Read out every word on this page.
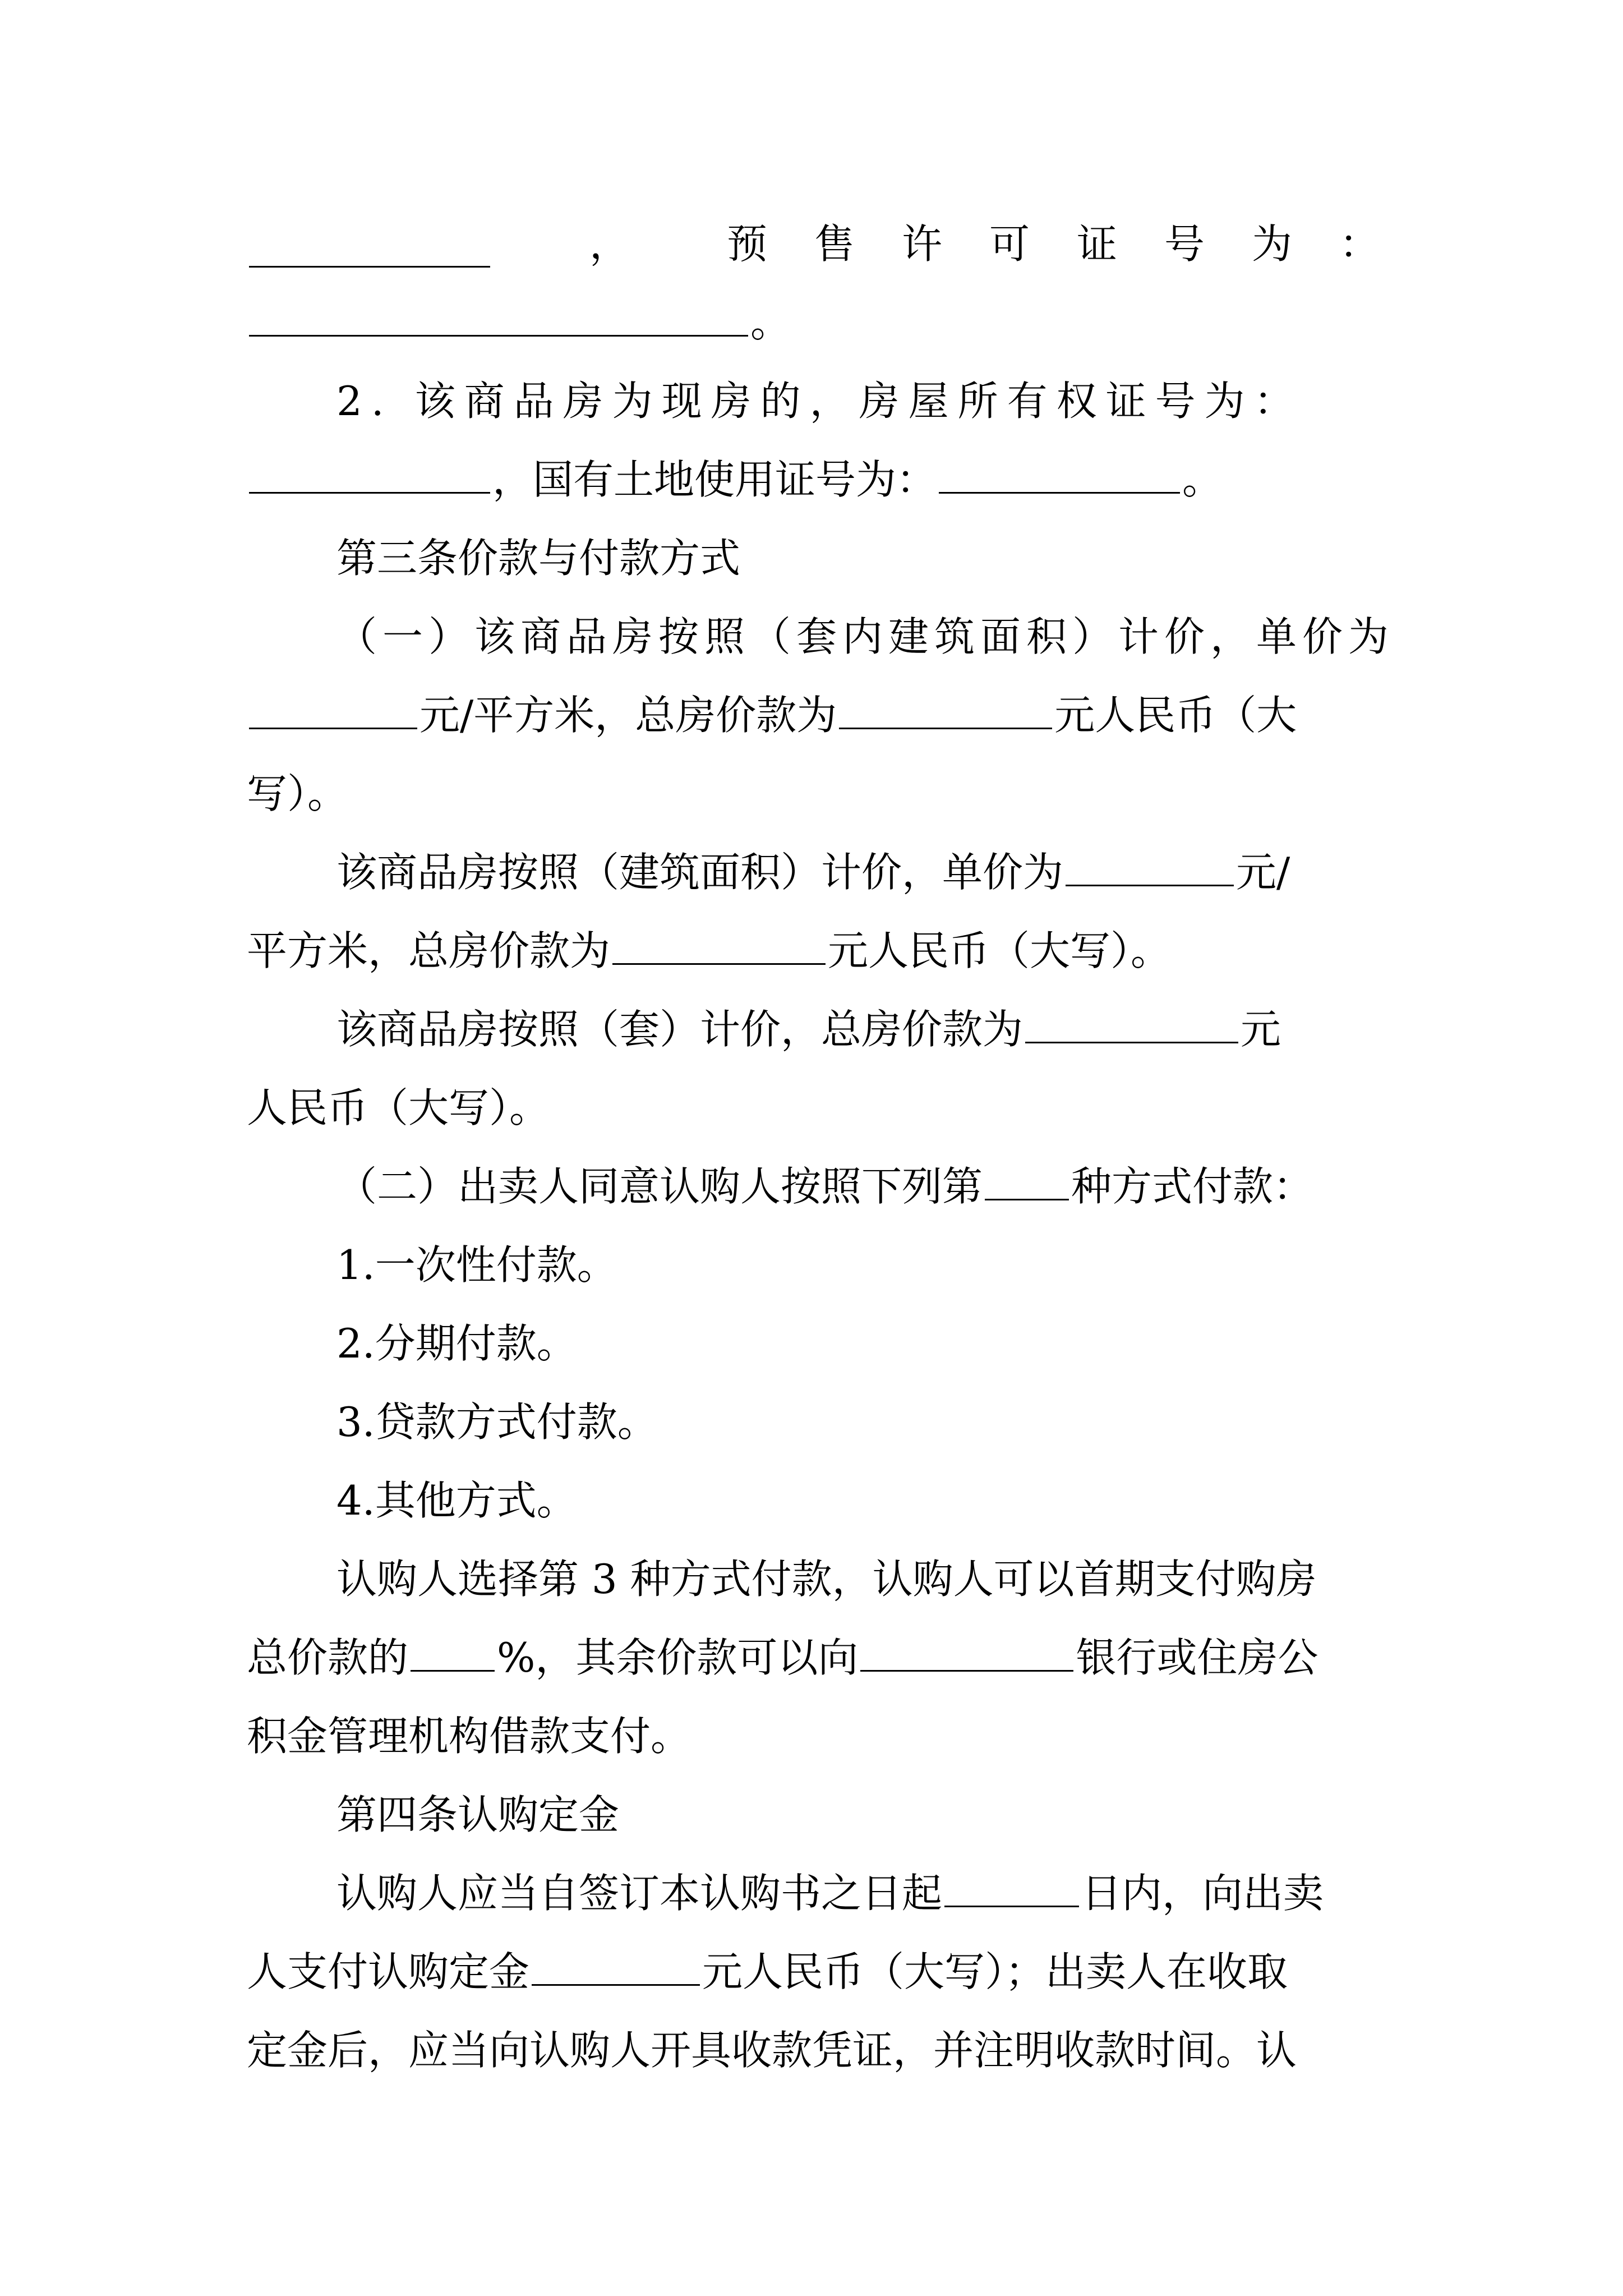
， 预售许可证号为：
。
2. 该商品房为现房的，房屋所有权证号为：
，国有土地使用证号为：	。
第三条价款与付款方式
（一）该商品房按照（套内建筑面积）计价，单价为
元/平方米，总房价款为	元人民币（大
写）。
该商品房按照（建筑面积）计价，单价为	元/
平方米，总房价款为	元人民币（大写）。
该商品房按照（套）计价，总房价款为	元
人民币（大写）。
（二）出卖人同意认购人按照下列第 种方式付款：
1.一次性付款。
2.分期付款。
3.贷款方式付款。
4.其他方式。
认购人选择第 3 种方式付款，认购人可以首期支付购房
总价款的 %，其余价款可以向	银行或住房公
积金管理机构借款支付。
第四条认购定金
认购人应当自签订本认购书之日起	日内，向出卖
人支付认购定金	元人民币（大写）；出卖人在收取
定金后，应当向认购人开具收款凭证，并注明收款时间。认
